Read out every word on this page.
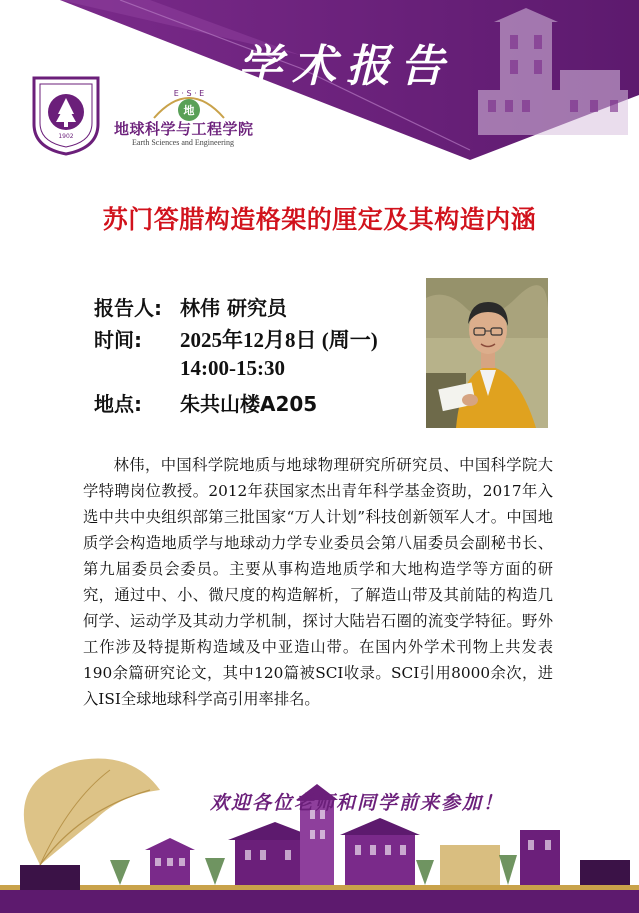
学术报告
1902
E · S · E
地
地球科学与工程学院
Earth Sciences and Engineering
苏门答腊构造格架的厘定及其构造内涵
报告人: 林伟 研究员
时间:	2025年12月8日 (周一)
14:00-15:30
地点:	朱共山楼A205
林伟，中国科学院地质与地球物理研究所研究员、中国科学院大学特聘岗位教授。2012年获国家杰出青年科学基金资助，2017年入选中共中央组织部第三批国家“万人计划”科技创新领军人才。中国地质学会构造地质学与地球动力学专业委员会第八届委员会副秘书长、第九届委员会委员。主要从事构造地质学和大地构造学等方面的研究，通过中、小、微尺度的构造解析，了解造山带及其前陆的构造几何学、运动学及其动力学机制，探讨大陆岩石圈的流变学特征。野外工作涉及特提斯构造域及中亚造山带。在国内外学术刊物上共发表190余篇研究论文，其中120篇被SCI收录。SCI引用8000余次，进入ISI全球地球科学高引用率排名。
欢迎各位老师和同学前来参加！
